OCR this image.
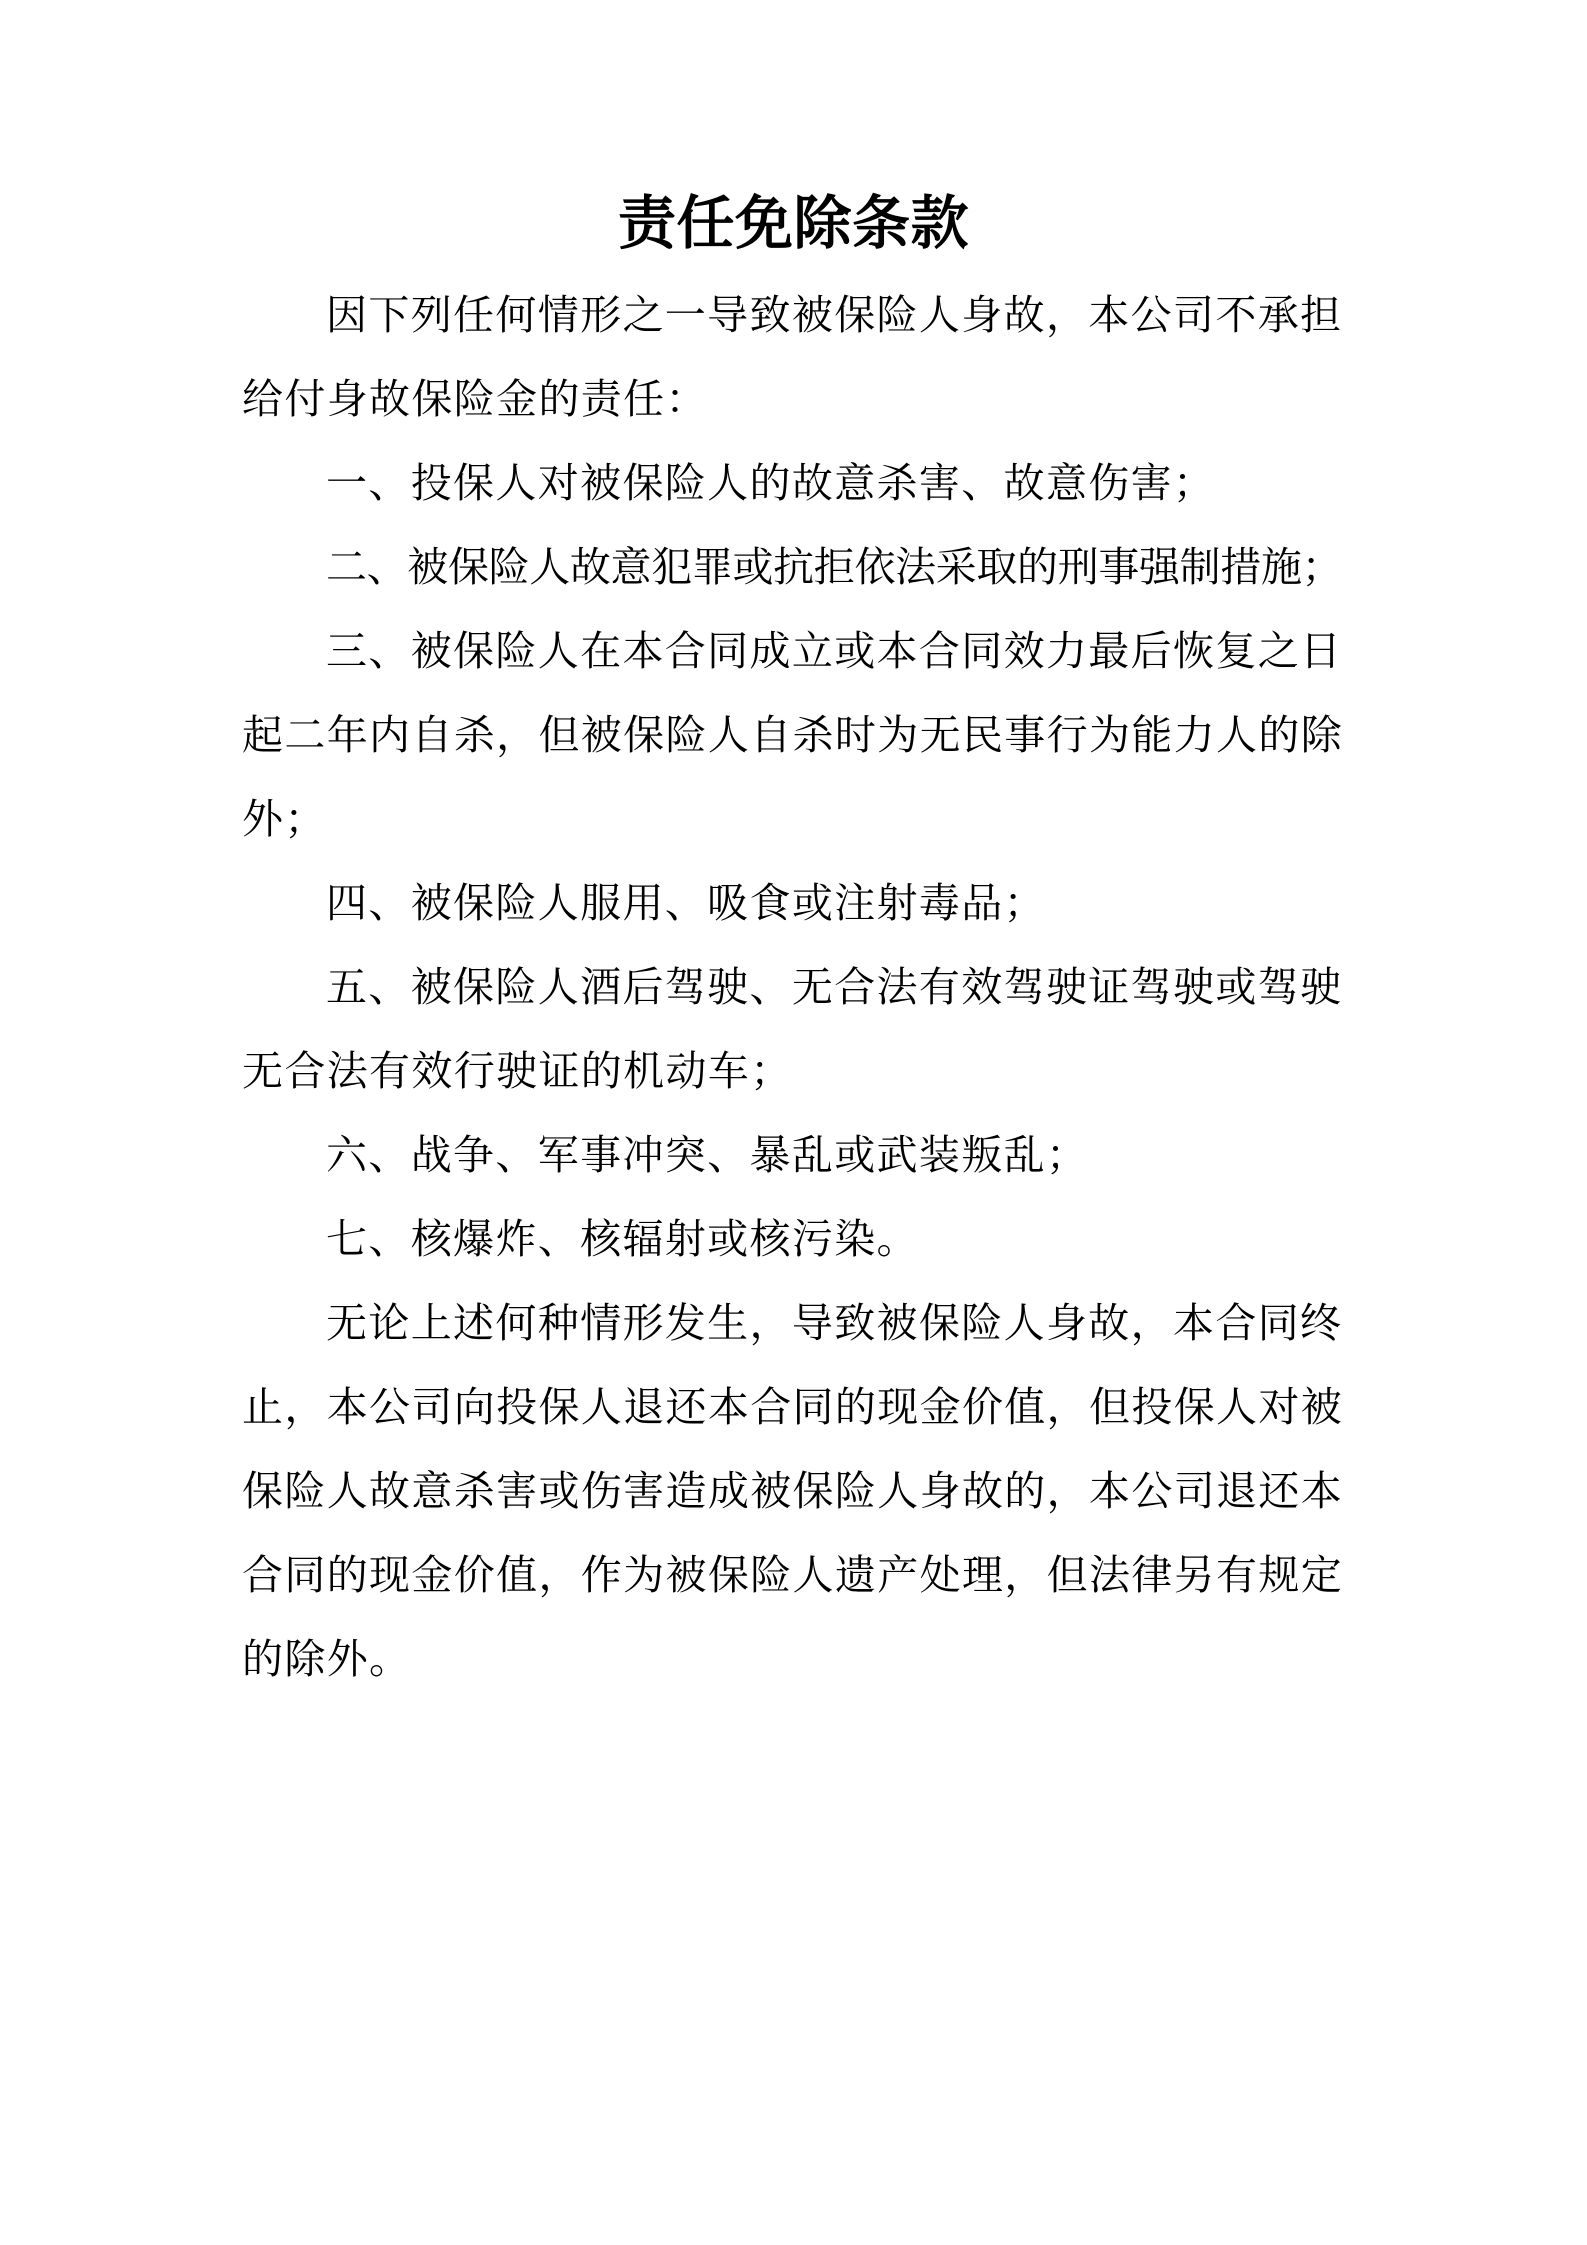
责任免除条款
因下列任何情形之一导致被保险人身故，本公司不承担
给付身故保险金的责任：
一、投保人对被保险人的故意杀害、故意伤害；
二、被保险人故意犯罪或抗拒依法采取的刑事强制措施；
三、被保险人在本合同成立或本合同效力最后恢复之日
起二年内自杀，但被保险人自杀时为无民事行为能力人的除
外；
四、被保险人服用、吸食或注射毒品；
五、被保险人酒后驾驶、无合法有效驾驶证驾驶或驾驶
无合法有效行驶证的机动车；
六、战争、军事冲突、暴乱或武装叛乱；
七、核爆炸、核辐射或核污染。
无论上述何种情形发生，导致被保险人身故，本合同终
止，本公司向投保人退还本合同的现金价值，但投保人对被
保险人故意杀害或伤害造成被保险人身故的，本公司退还本
合同的现金价值，作为被保险人遗产处理，但法律另有规定
的除外。
